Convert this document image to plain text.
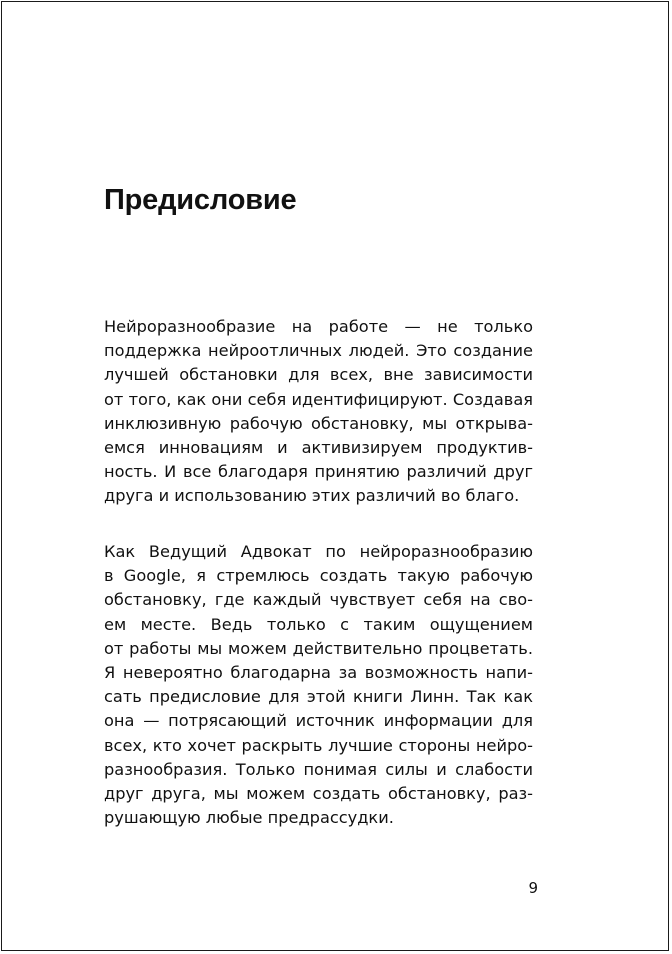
Предисловие
Нейроразнообразие на работе — не только
поддержка нейроотличных людей. Это создание
лучшей обстановки для всех, вне зависимости
от того, как они себя идентифицируют. Создавая
инклюзивную рабочую обстановку, мы открыва-
емся инновациям и активизируем продуктив-
ность. И все благодаря принятию различий друг
друга и использованию этих различий во благо.
Как Ведущий Адвокат по нейроразнообразию
в Google, я стремлюсь создать такую рабочую
обстановку, где каждый чувствует себя на сво-
ем месте. Ведь только с таким ощущением
от работы мы можем действительно процветать.
Я невероятно благодарна за возможность напи-
сать предисловие для этой книги Линн. Так как
она — потрясающий источник информации для
всех, кто хочет раскрыть лучшие стороны нейро-
разнообразия. Только понимая силы и слабости
друг друга, мы можем создать обстановку, раз-
рушающую любые предрассудки.
9
